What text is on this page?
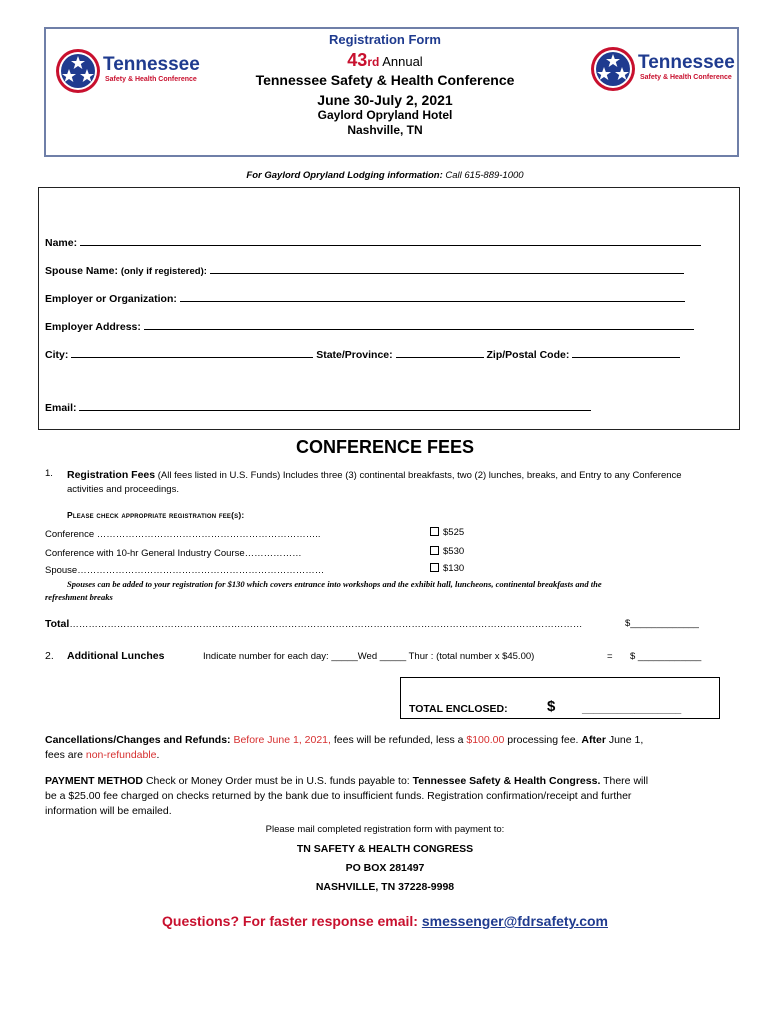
Registration Form
43rd Annual
Tennessee Safety & Health Conference
June 30-July 2, 2021
Gaylord Opryland Hotel
Nashville, TN
Tennessee
Safety & Health Conference
Tennessee
Safety & Health Conference
For Gaylord Opryland Lodging information: Call 615-889-1000
Name:
Spouse Name: (only if registered):
Employer or Organization:
Employer Address:
City:	State/Province:	Zip/Postal Code:
Email:
CONFERENCE FEES
1. Registration Fees (All fees listed in U.S. Funds) Includes three (3) continental breakfasts, two (2) lunches, breaks, and Entry to any Conference
activities and proceedings.
Please check appropriate registration fee(s):
Conference ……………………………………………………………..	$525
Conference with 10-hr General Industry Course………………	$530
Spouse……………………………………………………………………	$130
Spouses can be added to your registration for $130 which covers entrance into workshops and the exhibit hall, luncheons, continental breakfasts and the
refreshment breaks
Total………………………………………………………………………………………………………………………………………………	$_____________
2. Additional Lunches	Indicate number for each day: _____Wed _____ Thur : (total number x $45.00)	= $ ____________
TOTAL ENCLOSED:	$	_________________
Cancellations/Changes and Refunds: Before June 1, 2021, fees will be refunded, less a $100.00 processing fee. After June 1,
fees are non-refundable.
PAYMENT METHOD Check or Money Order must be in U.S. funds payable to: Tennessee Safety & Health Congress. There will
be a $25.00 fee charged on checks returned by the bank due to insufficient funds. Registration confirmation/receipt and further
information will be emailed.
Please mail completed registration form with payment to:
TN SAFETY & HEALTH CONGRESS
PO BOX 281497
NASHVILLE, TN 37228-9998
Questions? For faster response email: smessenger@fdrsafety.com
